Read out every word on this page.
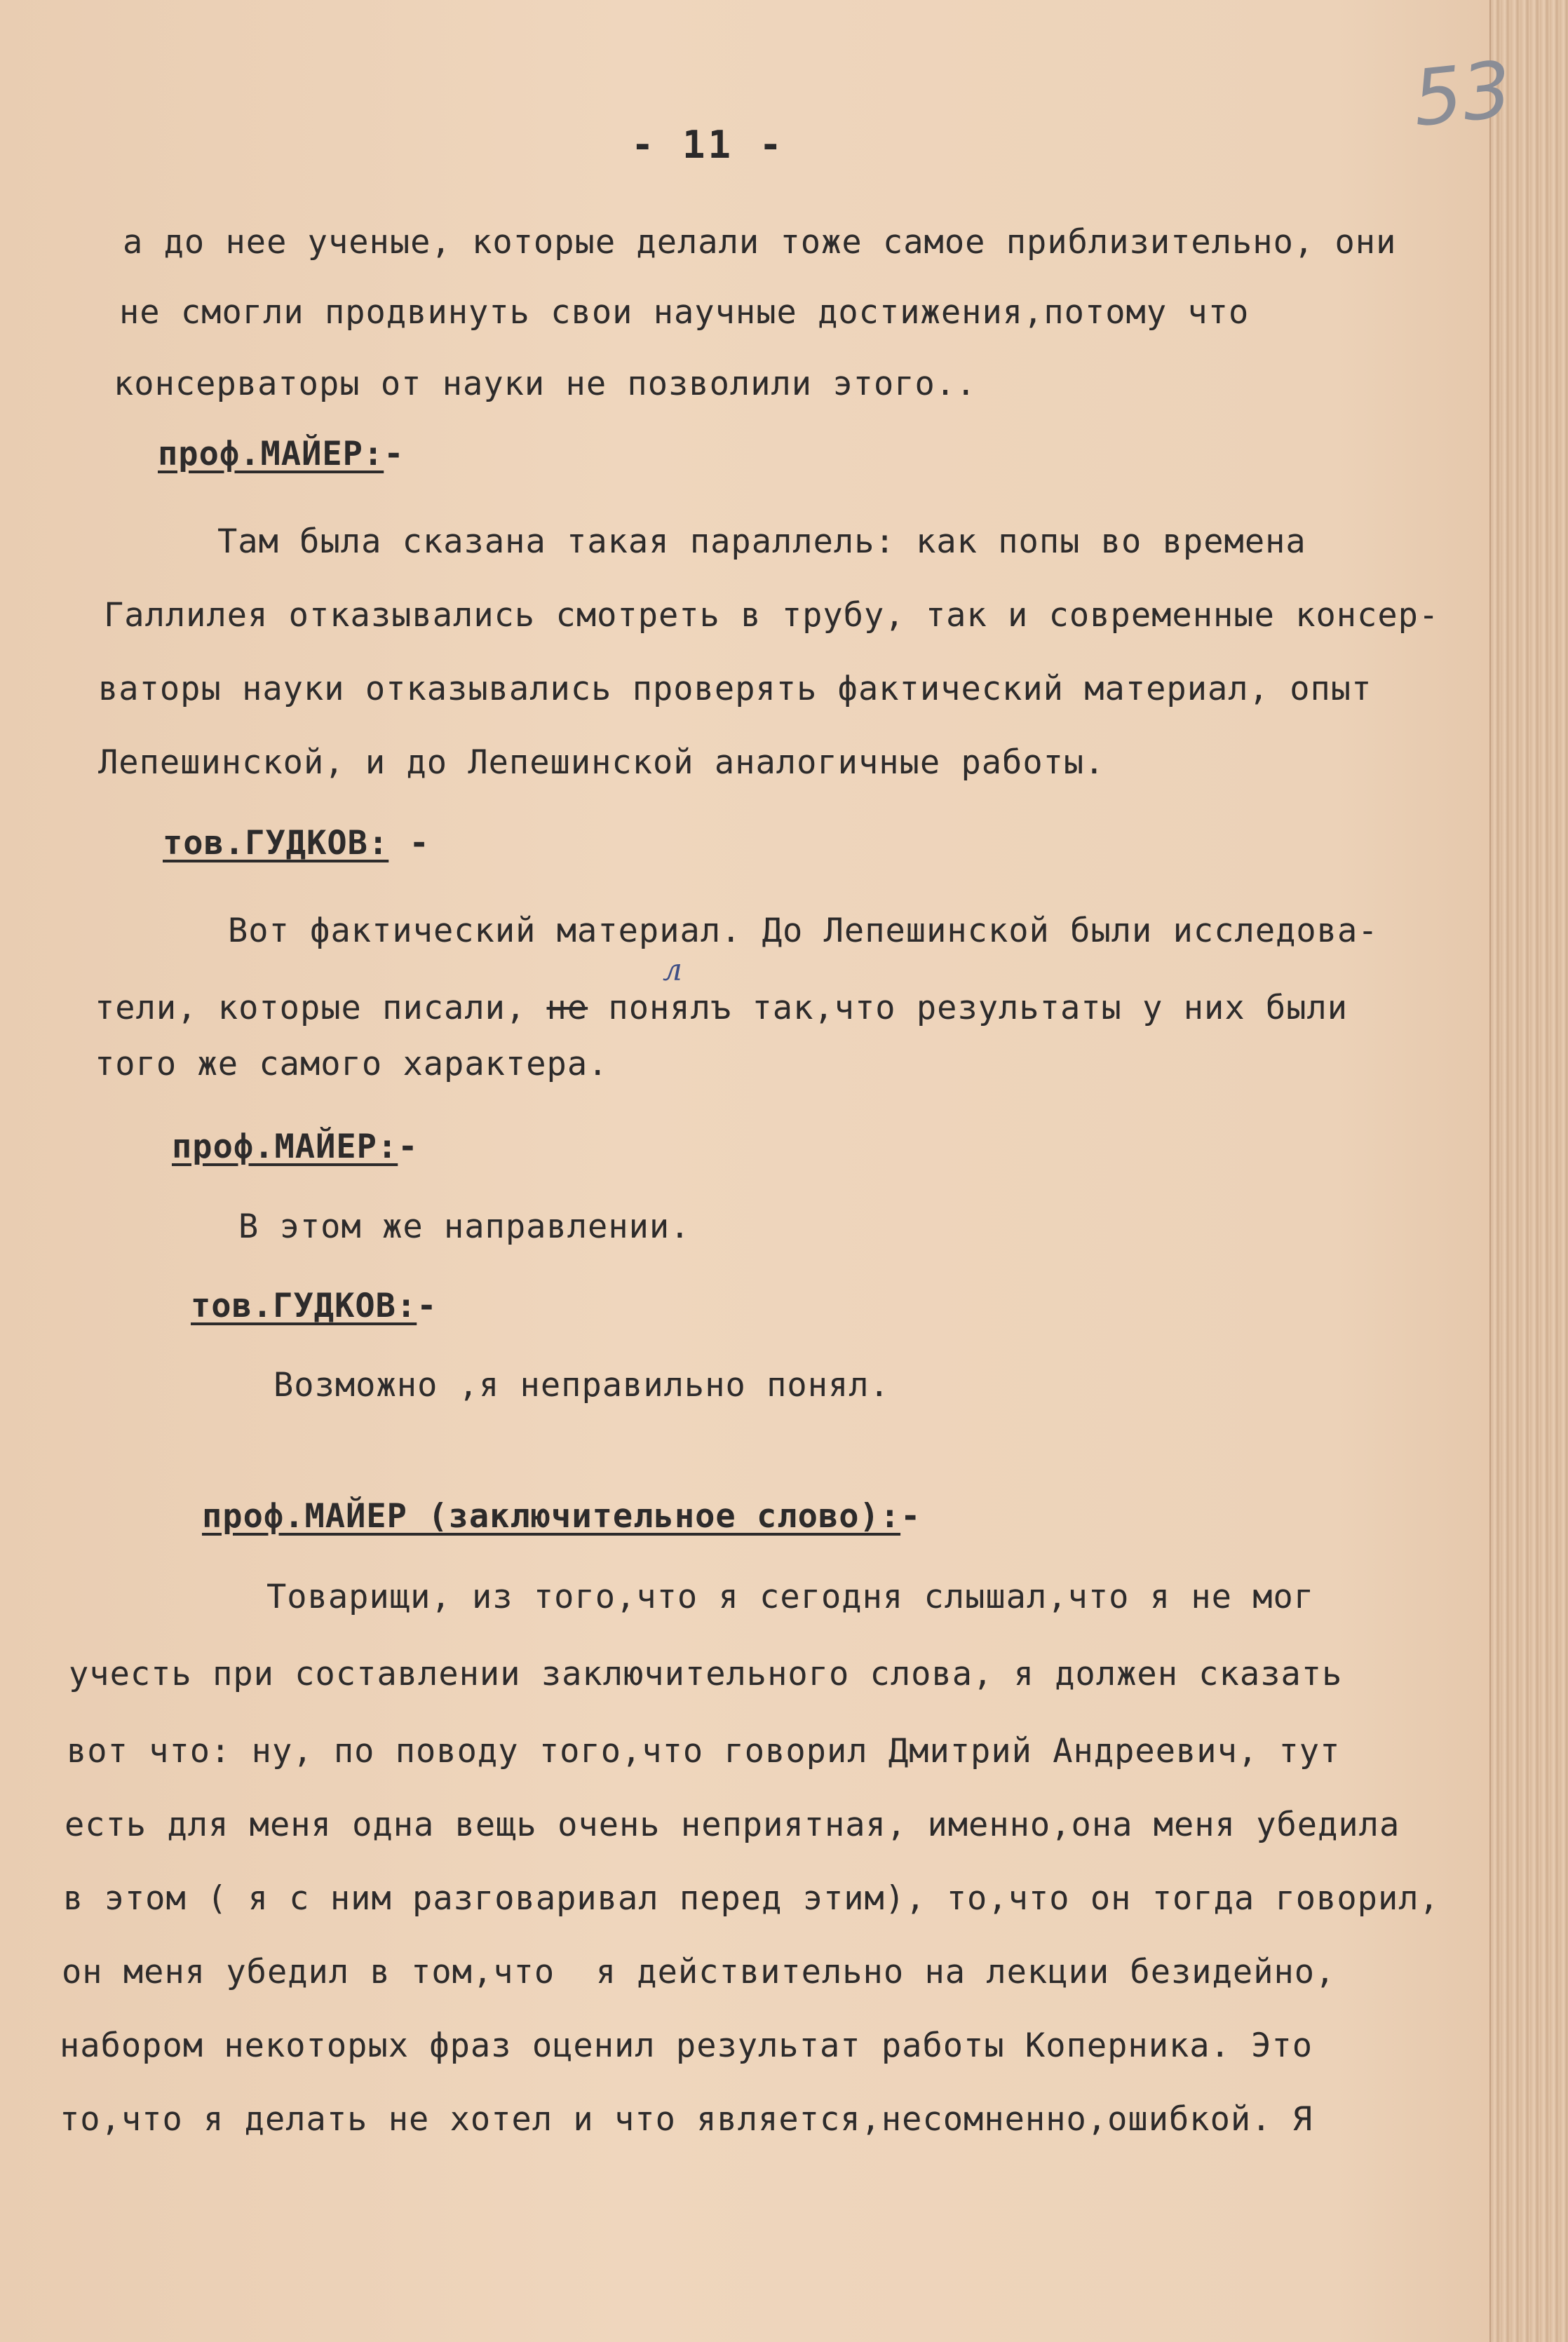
- 11 -
53
а до нее ученые, которые делали тоже самое приблизительно, они
не смогли продвинуть свои научные достижения,потому что
консерваторы от науки не позволили этого..
проф.МАЙЕР:-
Там была сказана такая параллель: как попы во времена
Галлилея отказывались смотреть в трубу, так и современные консер-
ваторы науки отказывались проверять фактический материал, опыт
Лепешинской, и до Лепешинской аналогичные работы.
тов.ГУДКОВ: -
Вот фактический материал. До Лепешинской были исследова-
тели, которые писали, не понялъ так,что результаты у них были
л
того же самого характера.
проф.МАЙЕР:-
В этом же направлении.
тов.ГУДКОВ:-
Возможно ,я неправильно понял.
проф.МАЙЕР (заключительное слово):-
Товарищи, из того,что я сегодня слышал,что я не мог
учесть при составлении заключительного слова, я должен сказать
вот что: ну, по поводу того,что говорил Дмитрий Андреевич, тут
есть для меня одна вещь очень неприятная, именно,она меня убедила
в этом ( я с ним разговаривал перед этим), то,что он тогда говорил,
он меня убедил в том,что  я действительно на лекции безидейно,
набором некоторых фраз оценил результат работы Коперника. Это
то,что я делать не хотел и что является,несомненно,ошибкой. Я
